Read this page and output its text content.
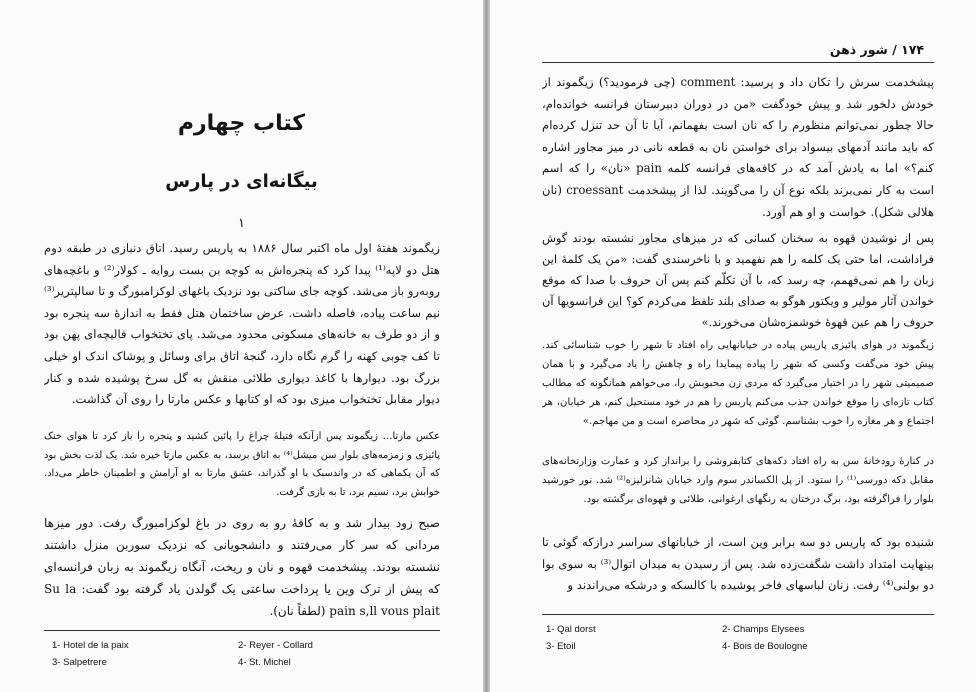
کتاب چهارم
بیگانه‌ای در پارس
۱

زیگموند هفتهٔ اول ماه اکتبر سال ۱۸۸۶ به پاریس رسید. اتاق دنبازی در طبقه دوم هتل دو لاپه⁽¹⁾ پیدا کرد که پنجره‌اش به کوچه بن بست روایه ـ کولار⁽²⁾ و باغچه‌های روبه‌رو باز می‌شد. کوچه جای ساکتی بود نزدیک باغهای لوکزامبورگ و تا سالپتریر⁽³⁾ نیم ساعت پیاده، فاصله داشت. عرض ساختمان هتل فقط به اندازهٔ سه پنجره بود و از دو طرف به خانه‌های مسکونی محدود می‌شد. پای تختخواب فالیچه‌ای پهن بود تا کف چوبی کهنه را گرم نگاه دارد، گنجهٔ اتاق برای وسائل و پوشاک اندک او خیلی بزرگ بود. دیوارها با کاغذ دیواری طلائی منقش به گل سرخ پوشیده شده و کنار دیوار مقابل تختخواب میزی بود که او کتابها و عکس مارتا را روی آن گذاشت.

عکس مارتا… زیگموند پس ازآنکه فتیلهٔ چراغ را پائین کشید و پنجره را باز کرد تا هوای خنک پائیزی و زمزمه‌های بلوار سن میشل⁽⁴⁾ به اتاق برسد، به عکس مارتا خیره شد. یک لذت بخش بود که آن یکماهی که در واندسبک با او گذراند، عشق مارتا به او آرامش و اطمینان خاطر می‌داد. خوابش برد، نسیم برد، تا به بازی گرفت.

صبح زود بیدار شد و به کافهٔ رو به روی در باغ لوکزامبورگ رفت. دور میزها مردانی که سر کار می‌رفتند و دانشجویانی که نزدیک سوربن منزل داشتند نشسته بودند. پیشخدمت قهوه و نان و ریخت، آنگاه زیگموند به زبان فرانسه‌ای که پیش از ترک وین یا پرداخت ساعتی یک گولدن یاد گرفته بود گفت: Su la pain s,ll vous plait (لطفاً نان).

1- Hotel de la paix	2- Reyer - Collard
3- Salpetrere	4- St. Michel
۱۷۴ / شور ذهن

پیشخدمت سرش را تکان داد و پرسید: comment (چی فرمودید؟) زیگموند از خودش دلخور شد و پیش خودگفت «من در دوران دبیرستان فرانسه خوانده‌ام، حالا چطور نمی‌توانم منظورم را که نان است بفهمانم، آیا تا آن حد تنزل کرده‌ام که باید مانند آدمهای بیسواد برای خواستن نان به قطعه نانی در میز مجاور اشاره کنم؟» اما به یادش آمد که در کافه‌های فرانسه کلمه pain «نان» را که اسم است به کار نمی‌برند بلکه نوع آن را می‌گویند. لذا از پیشخدمت croessant (نان هلالی شکل). خواست و او هم آورد.

پس از نوشیدن قهوه به سخنان کسانی که در میزهای مجاور نشسته بودند گوش فراداشت، اما حتی یک کلمه را هم نفهمید و با ناخرسندی گفت: «من یک کلمهٔ این زبان را هم نمی‌فهمم، چه رسد که، با آن تکلّم کنم پس آن حروف با صدا که موقع خواندن آثار مولیر و ویکتور هوگو به صدای بلند تلفظ می‌کردم کو؟ این فرانسویها آن حروف را هم عین قهوهٔ خوشمزه‌شان می‌خورند.»

زیگموند در هوای پائیزی پاریس پیاده در خیابانهایی راه افتاد تا شهر را خوب شناسائی کند. پیش خود می‌گفت وکسی که شهر را پیاده پیمایدا راه و چاهش را یاد می‌گیرد و با همان صمیمیتی شهر را در اختیار می‌گیرد که مردی زن محبوبش را، می‌خواهم همانگونه که مطالب کتاب تازه‌ای را موقع خواندن جذب می‌کنم پاریس را هم در خود مستحیل کنم، هر خیابان، هر اجتماع و هر مغازه را خوب بشناسم. گوئی که شهر در محاصره است و من مهاجم.»

در کنارهٔ رودخانهٔ سن به راه افتاد دکه‌های کتابفروشی را برانداز کرد و عمارت وزارتخانه‌های مقابل دکه دورسی⁽¹⁾ را ستود. از پل الکساندر سوم وارد خیابان شانزلیزه⁽²⁾ شد. نور خورشید بلوار را فراگرفته بود، برگ درختان به رنگهای ارغوانی، طلائی و قهوه‌ای برگشته بود.

شنیده بود که پاریس دو سه برابر وین است، از خیابانهای سراسر درازکه گوئی تا بینهایت امتداد داشت شگفت‌زده شد. پس از رسیدن به میدان اتوال⁽³⁾ به سوی بوا دو بولنی⁽⁴⁾ رفت. زنان لباسهای فاخر پوشیده با کالسکه و درشکه می‌راندند و

1- Qal dorst	2- Champs Elysees
3- Etoil	4- Bois de Boulogne
